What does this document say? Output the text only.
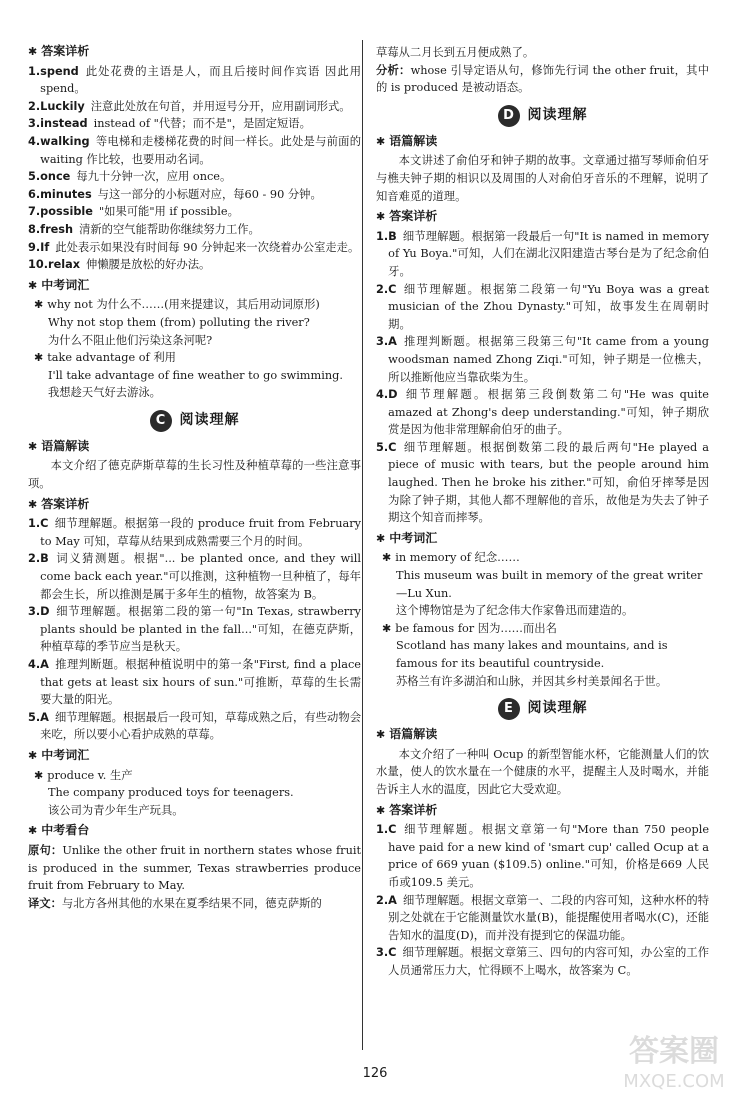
✱ 答案详析
1. spend 此处花费的主语是人，而且后接时间作宾语 因此用 spend。
2. Luckily 注意此处放在句首，并用逗号分开，应用副词形式。
3. instead instead of "代替；而不是"，是固定短语。
4. walking 等电梯和走楼梯花费的时间一样长。此处是与前面的 waiting 作比较，也要用动名词。
5. once 每九十分钟一次，应用 once。
6. minutes 与这一部分的小标题对应，每60 - 90 分钟。
7. possible "如果可能"用 if possible。
8. fresh 清新的空气能帮助你继续努力工作。
9. If 此处表示如果没有时间每 90 分钟起来一次绕着办公室走走。
10. relax 伸懒腰是放松的好办法。
✱ 中考词汇
✱ why not 为什么不……(用来提建议，其后用动词原形)
Why not stop them (from) polluting the river?
为什么不阻止他们污染这条河呢?
✱ take advantage of 利用
I'll take advantage of fine weather to go swimming.
我想趁天气好去游泳。
C	阅读理解
✱ 语篇解读
本文介绍了德克萨斯草莓的生长习性及种植草莓的一些注意事项。
✱ 答案详析
1. C 细节理解题。根据第一段的 produce fruit from February to May 可知，草莓从结果到成熟需要三个月的时间。
2. B 词义猜测题。根据"... be planted once, and they will come back each year."可以推测，这种植物一旦种植了，每年都会生长，所以推测是属于多年生的植物，故答案为 B。
3. D 细节理解题。根据第二段的第一句"In Texas, strawberry plants should be planted in the fall..."可知，在德克萨斯，种植草莓的季节应当是秋天。
4. A 推理判断题。根据种植说明中的第一条"First, find a place that gets at least six hours of sun."可推断，草莓的生长需要大量的阳光。
5. A 细节理解题。根据最后一段可知，草莓成熟之后，有些动物会来吃，所以要小心看护成熟的草莓。
✱ 中考词汇
✱ produce v. 生产
The company produced toys for teenagers.
该公司为青少年生产玩具。
✱ 中考看台
原句：Unlike the other fruit in northern states whose fruit is produced in the summer, Texas strawberries produce fruit from February to May.
译文：与北方各州其他的水果在夏季结果不同，德克萨斯的
草莓从二月长到五月便成熟了。
分析：whose 引导定语从句，修饰先行词 the other fruit，其中的 is produced 是被动语态。
D 阅读理解
✱ 语篇解读
本文讲述了俞伯牙和钟子期的故事。文章通过描写琴师俞伯牙与樵夫钟子期的相识以及周围的人对俞伯牙音乐的不理解，说明了知音难觅的道理。
✱ 答案详析
1. B 细节理解题。根据第一段最后一句"It is named in memory of Yu Boya."可知，人们在湖北汉阳建造古琴台是为了纪念俞伯牙。
2. C 细节理解题。根据第二段第一句"Yu Boya was a great musician of the Zhou Dynasty."可知，故事发生在周朝时期。
3. A 推理判断题。根据第三段第三句"It came from a young woodsman named Zhong Ziqi."可知，钟子期是一位樵夫，所以推断他应当靠砍柴为生。
4. D 细节理解题。根据第三段倒数第二句"He was quite amazed at Zhong's deep understanding."可知，钟子期欣赏是因为他非常理解俞伯牙的曲子。
5. C 细节理解题。根据倒数第二段的最后两句"He played a piece of music with tears, but the people around him laughed. Then he broke his zither."可知，俞伯牙摔琴是因为除了钟子期，其他人都不理解他的音乐，故他是为失去了钟子期这个知音而摔琴。
✱ 中考词汇
✱ in memory of 纪念……
This museum was built in memory of the great writer—Lu Xun.
这个博物馆是为了纪念伟大作家鲁迅而建造的。
✱ be famous for 因为……而出名
Scotland has many lakes and mountains, and is famous for its beautiful countryside.
苏格兰有许多湖泊和山脉，并因其乡村美景闻名于世。
E	阅读理解
✱ 语篇解读
本文介绍了一种叫 Ocup 的新型智能水杯，它能测量人们的饮水量，使人的饮水量在一个健康的水平，提醒主人及时喝水，并能告诉主人水的温度，因此它大受欢迎。
✱ 答案详析
1. C 细节理解题。根据文章第一句"More than 750 people have paid for a new kind of 'smart cup' called Ocup at a price of 669 yuan ($109.5) online."可知，价格是669 人民币或109.5 美元。
2. A 细节理解题。根据文章第一、二段的内容可知，这种水杯的特别之处就在于它能测量饮水量(B)，能提醒使用者喝水(C)，还能告知水的温度(D)，而并没有提到它的保温功能。
3. C 细节理解题。根据文章第三、四句的内容可知，办公室的工作人员通常压力大，忙得顾不上喝水，故答案为 C。
126
答案圈
MXQE.COM
